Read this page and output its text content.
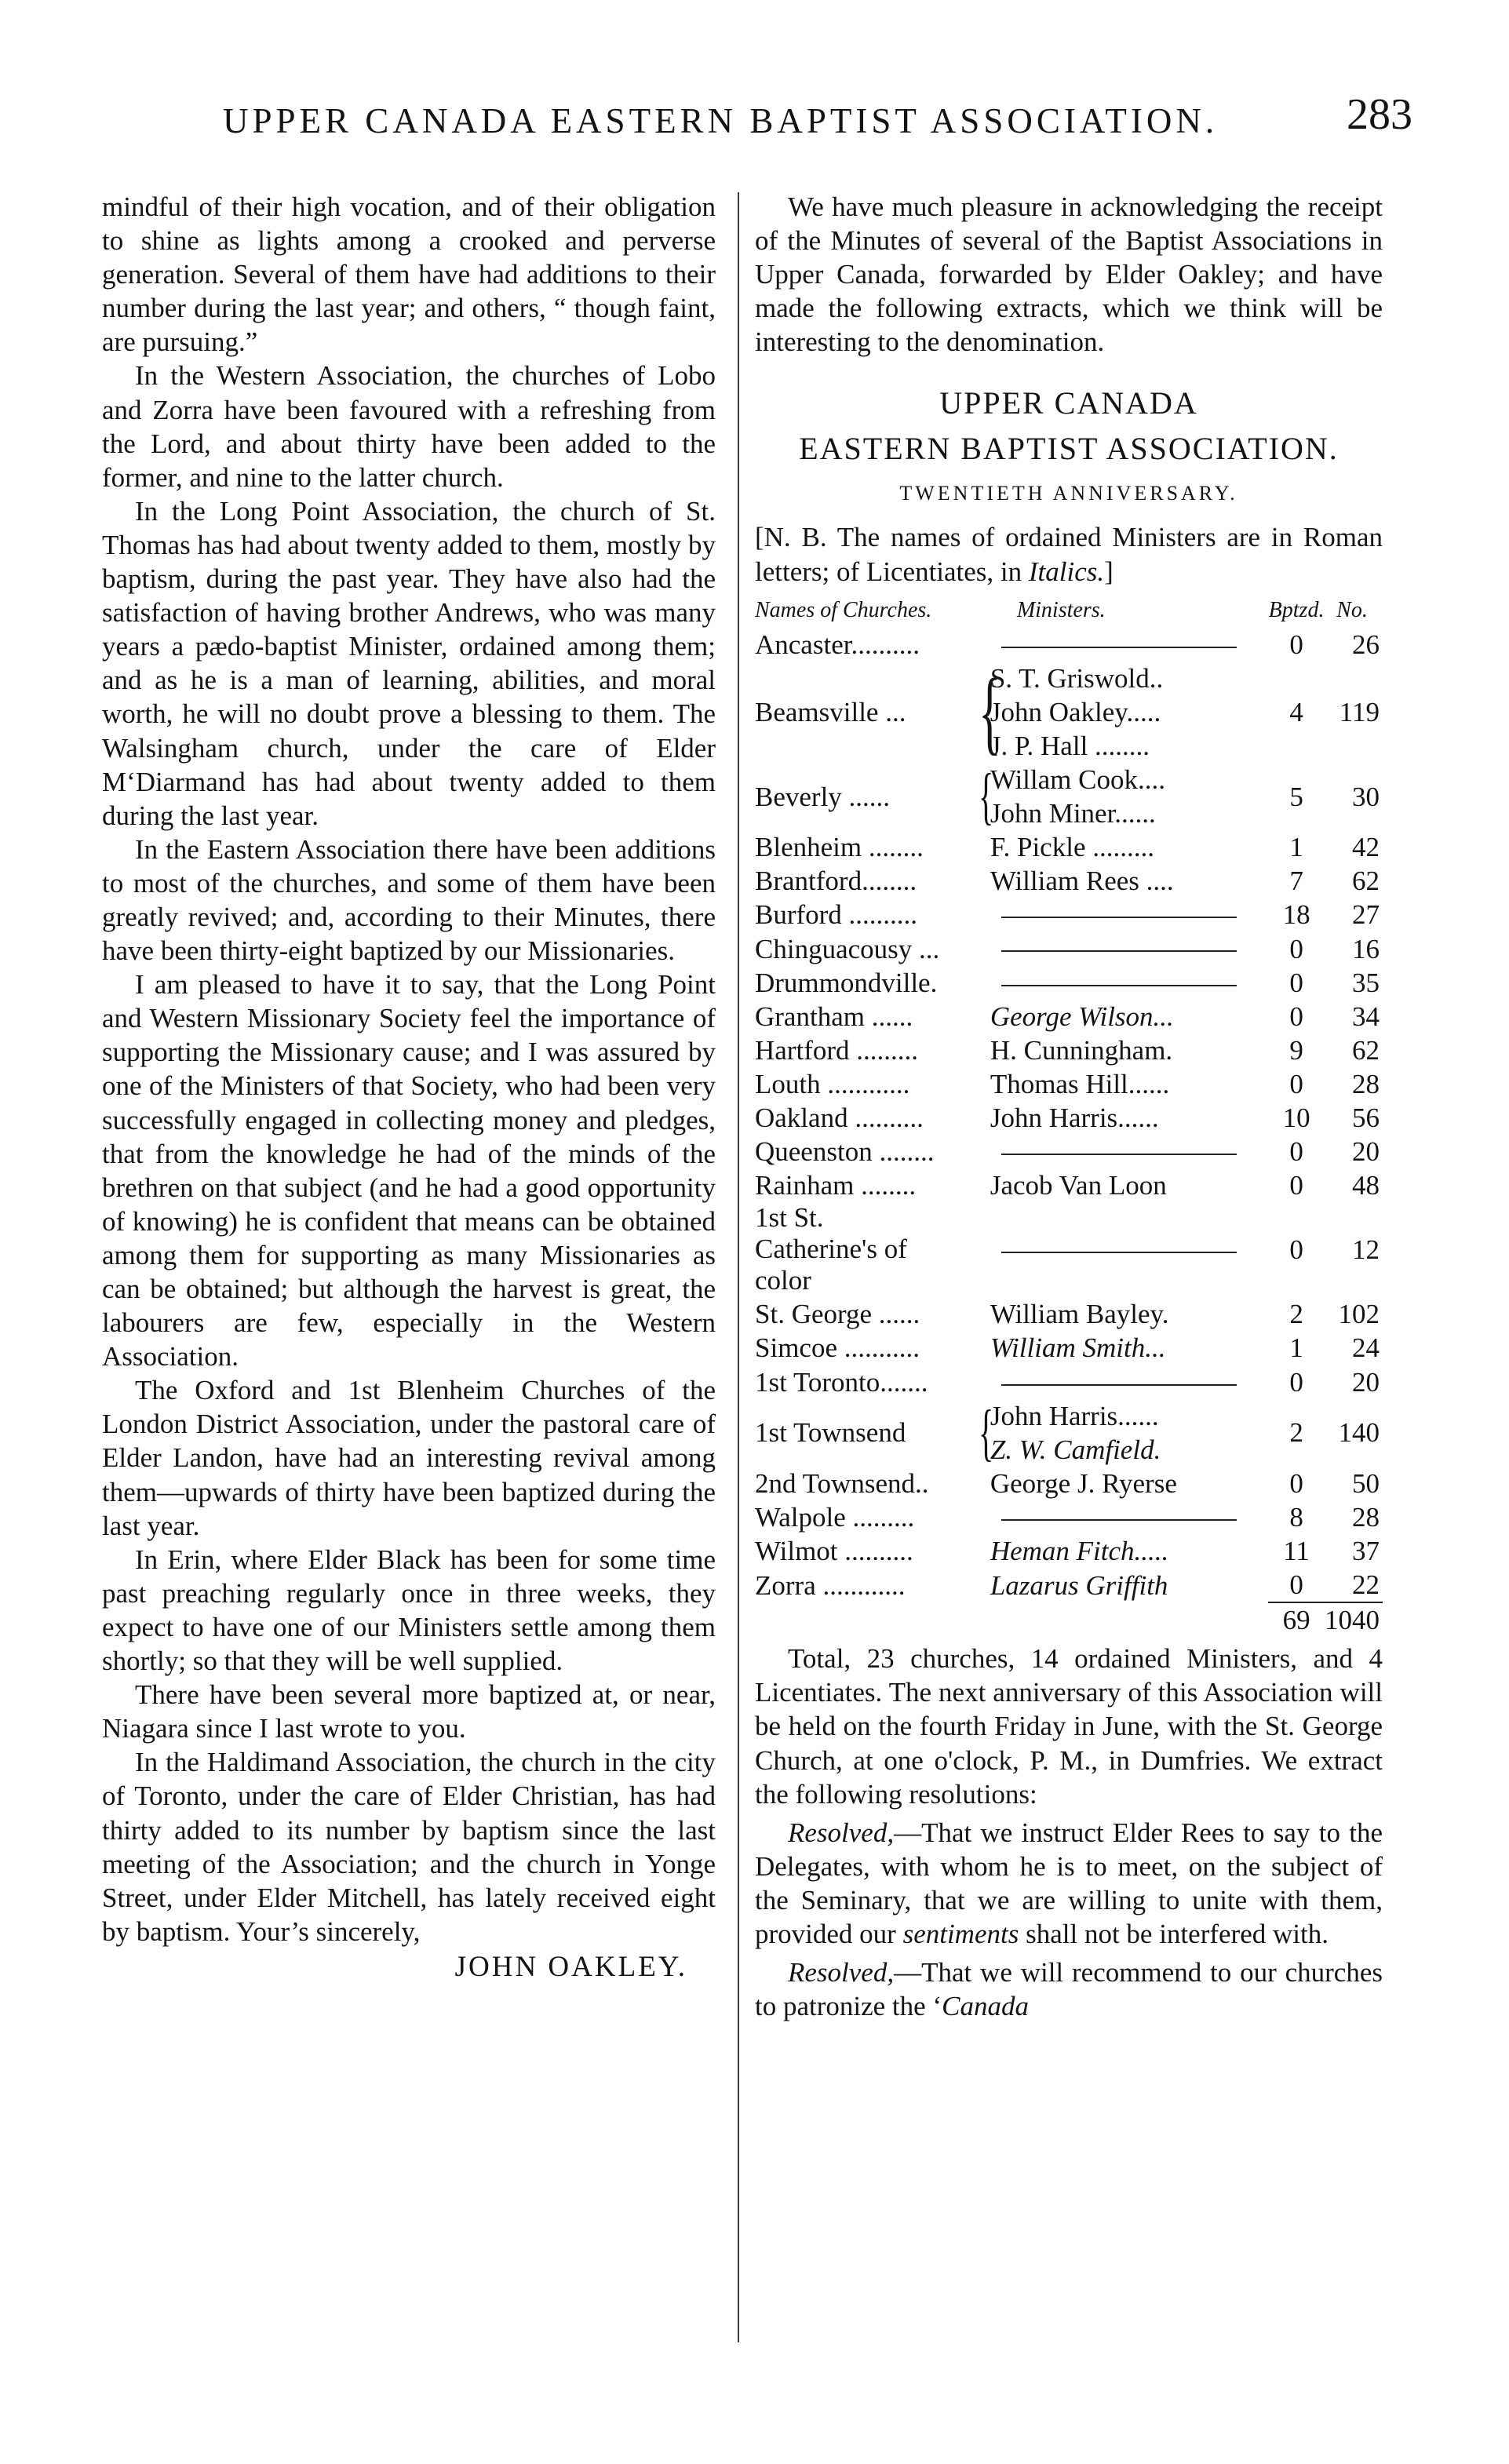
UPPER CANADA EASTERN BAPTIST ASSOCIATION.	283

mindful of their high vocation, and of their obligation to shine as lights among a crooked and perverse generation. Several of them have had additions to their number during the last year; and others, “ though faint, are pursuing.”

In the Western Association, the churches of Lobo and Zorra have been favoured with a refreshing from the Lord, and about thirty have been added to the former, and nine to the latter church.

In the Long Point Association, the church of St. Thomas has had about twenty added to them, mostly by baptism, during the past year. They have also had the satisfaction of having brother Andrews, who was many years a pædo-baptist Minister, ordained among them; and as he is a man of learning, abilities, and moral worth, he will no doubt prove a blessing to them. The Walsingham church, under the care of Elder M‘Diarmand has had about twenty added to them during the last year.

In the Eastern Association there have been additions to most of the churches, and some of them have been greatly revived; and, according to their Minutes, there have been thirty-eight baptized by our Missionaries.

I am pleased to have it to say, that the Long Point and Western Missionary Society feel the importance of supporting the Missionary cause; and I was assured by one of the Ministers of that Society, who had been very successfully engaged in collecting money and pledges, that from the knowledge he had of the minds of the brethren on that subject (and he had a good opportunity of knowing) he is confident that means can be obtained among them for supporting as many Missionaries as can be obtained; but although the harvest is great, the labourers are few, especially in the Western Association.

The Oxford and 1st Blenheim Churches of the London District Association, under the pastoral care of Elder Landon, have had an interesting revival among them—upwards of thirty have been baptized during the last year.

In Erin, where Elder Black has been for some time past preaching regularly once in three weeks, they expect to have one of our Ministers settle among them shortly; so that they will be well supplied.

There have been several more baptized at, or near, Niagara since I last wrote to you.

In the Haldimand Association, the church in the city of Toronto, under the care of Elder Christian, has had thirty added to its number by baptism since the last meeting of the Association; and the church in Yonge Street, under Elder Mitchell, has lately received eight by baptism. Your’s sincerely,

JOHN OAKLEY.

We have much pleasure in acknowledging the receipt of the Minutes of several of the Baptist Associations in Upper Canada, forwarded by Elder Oakley; and have made the following extracts, which we think will be interesting to the denomination.

UPPER CANADA
EASTERN BAPTIST ASSOCIATION.
TWENTIETH ANNIVERSARY.

[N. B. The names of ordained Ministers are in Roman letters; of Licentiates, in Italics.]

Names of Churches.	Ministers.	Bptzd.	No.
Ancaster..........		0	26
Beamsville ...	{
S. T. Griswold..
John Oakley.....
J. P. Hall ........	4	119
Beverly ......	{
Willam Cook....
John Miner......	5	30
Blenheim ........	F. Pickle .........	1	42
Brantford........	William Rees ....	7	62
Burford ..........		18	27
Chinguacousy ...		0	16
Drummondville.		0	35
Grantham ......	George Wilson...	0	34
Hartford .........	H. Cunningham.	9	62
Louth ............	Thomas Hill......	0	28
Oakland ..........	John Harris......	10	56
Queenston ........		0	20
Rainham ........	Jacob Van Loon	0	48
1st St. Catherine's of color		0	12
St. George ......	William Bayley.	2	102
Simcoe ...........	William Smith...	1	24
1st Toronto.......		0	20
1st Townsend	{
John Harris......
Z. W. Camfield.	2	140
2nd Townsend..	George J. Ryerse	0	50
Walpole .........		8	28
Wilmot ..........	Heman Fitch.....	11	37
Zorra ............	Lazarus Griffith	0	22
		69	1040

Total, 23 churches, 14 ordained Ministers, and 4 Licentiates. The next anniversary of this Association will be held on the fourth Friday in June, with the St. George Church, at one o'clock, P. M., in Dumfries. We extract the following resolutions:

Resolved,—That we instruct Elder Rees to say to the Delegates, with whom he is to meet, on the subject of the Seminary, that we are willing to unite with them, provided our sentiments shall not be interfered with.

Resolved,—That we will recommend to our churches to patronize the ‘Canada
